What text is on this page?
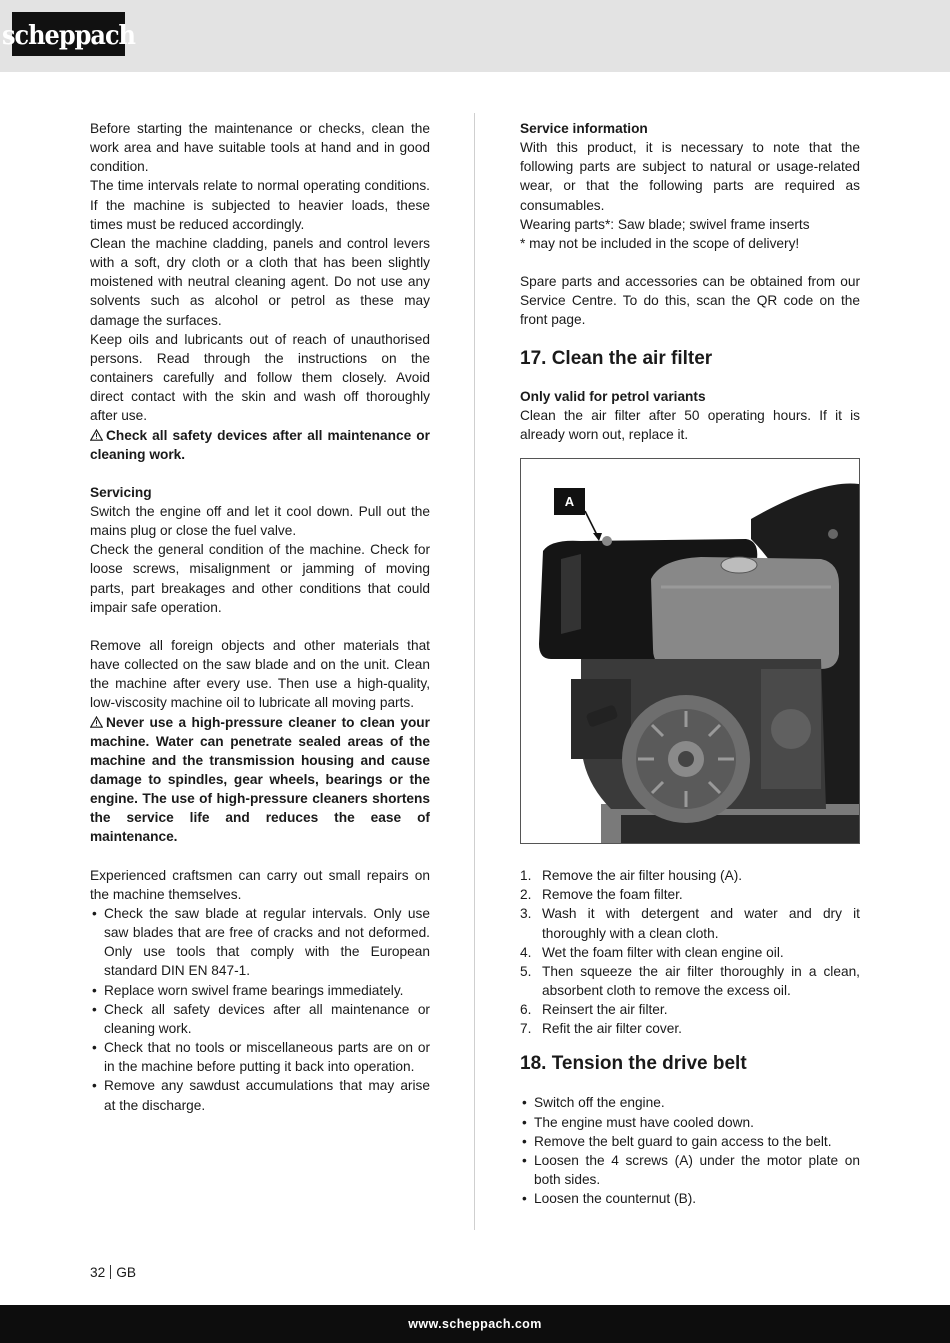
scheppach

Before starting the maintenance or checks, clean the work area and have suitable tools at hand and in good condition.

The time intervals relate to normal operating conditions. If the machine is subjected to heavier loads, these times must be reduced accordingly.

Clean the machine cladding, panels and control levers with a soft, dry cloth or a cloth that has been slightly moistened with neutral cleaning agent. Do not use any solvents such as alcohol or petrol as these may damage the surfaces.

Keep oils and lubricants out of reach of unauthorised persons. Read through the instructions on the containers carefully and follow them closely. Avoid direct contact with the skin and wash off thoroughly after use.

Check all safety devices after all maintenance or cleaning work.

Servicing

Switch the engine off and let it cool down. Pull out the mains plug or close the fuel valve.

Check the general condition of the machine. Check for loose screws, misalignment or jamming of moving parts, part breakages and other conditions that could impair safe operation.

Remove all foreign objects and other materials that have collected on the saw blade and on the unit. Clean the machine after every use. Then use a high-quality, low-viscosity machine oil to lubricate all moving parts.

Never use a high-pressure cleaner to clean your machine. Water can penetrate sealed areas of the machine and the transmission housing and cause damage to spindles, gear wheels, bearings or the engine. The use of high-pressure cleaners shortens the service life and reduces the ease of maintenance.

Experienced craftsmen can carry out small repairs on the machine themselves.

• Check the saw blade at regular intervals. Only use saw blades that are free of cracks and not deformed. Only use tools that comply with the European standard DIN EN 847-1.
• Replace worn swivel frame bearings immediately.
• Check all safety devices after all maintenance or cleaning work.
• Check that no tools or miscellaneous parts are on or in the machine before putting it back into operation.
• Remove any sawdust accumulations that may arise at the discharge.

Service information

With this product, it is necessary to note that the following parts are subject to natural or usage-related wear, or that the following parts are required as consumables.

Wearing parts*: Saw blade; swivel frame inserts

* may not be included in the scope of delivery!

Spare parts and accessories can be obtained from our Service Centre. To do this, scan the QR code on the front page.

17. Clean the air filter

Only valid for petrol variants

Clean the air filter after 50 operating hours. If it is already worn out, replace it.

A
1. Remove the air filter housing (A).
2. Remove the foam filter.
3. Wash it with detergent and water and dry it thoroughly with a clean cloth.
4. Wet the foam filter with clean engine oil.
5. Then squeeze the air filter thoroughly in a clean, absorbent cloth to remove the excess oil.
6. Reinsert the air filter.
7. Refit the air filter cover.
18. Tension the drive belt
• Switch off the engine.
• The engine must have cooled down.
• Remove the belt guard to gain access to the belt.
• Loosen the 4 screws (A) under the motor plate on both sides.
• Loosen the counternut (B).
32 GB
www.scheppach.com
